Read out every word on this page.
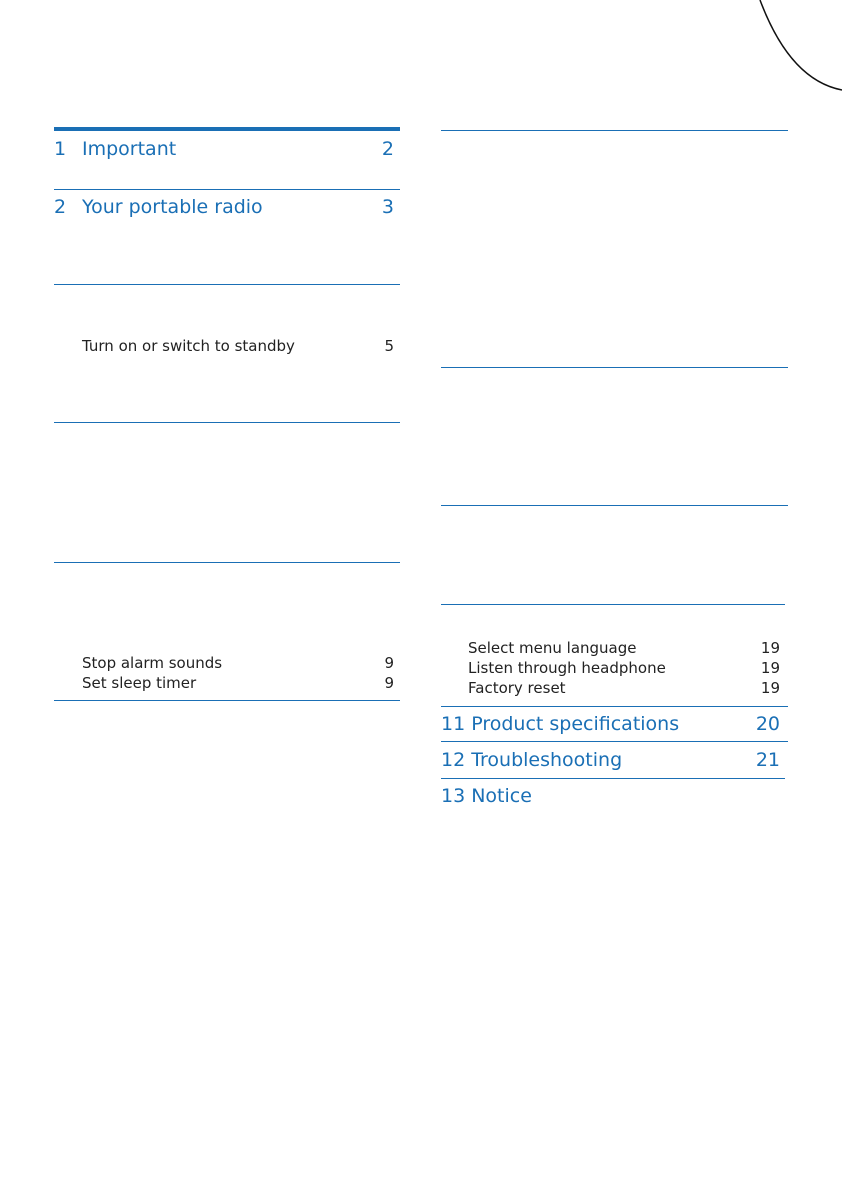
1 Important	2
2 Your portable radio	3
Turn on or switch to standby	5
Stop alarm sounds	9
Set sleep timer	9
Select menu language	19
Listen through headphone	19
Factory reset	19
11 Product specifications	20
12 Troubleshooting	21
13 Notice
